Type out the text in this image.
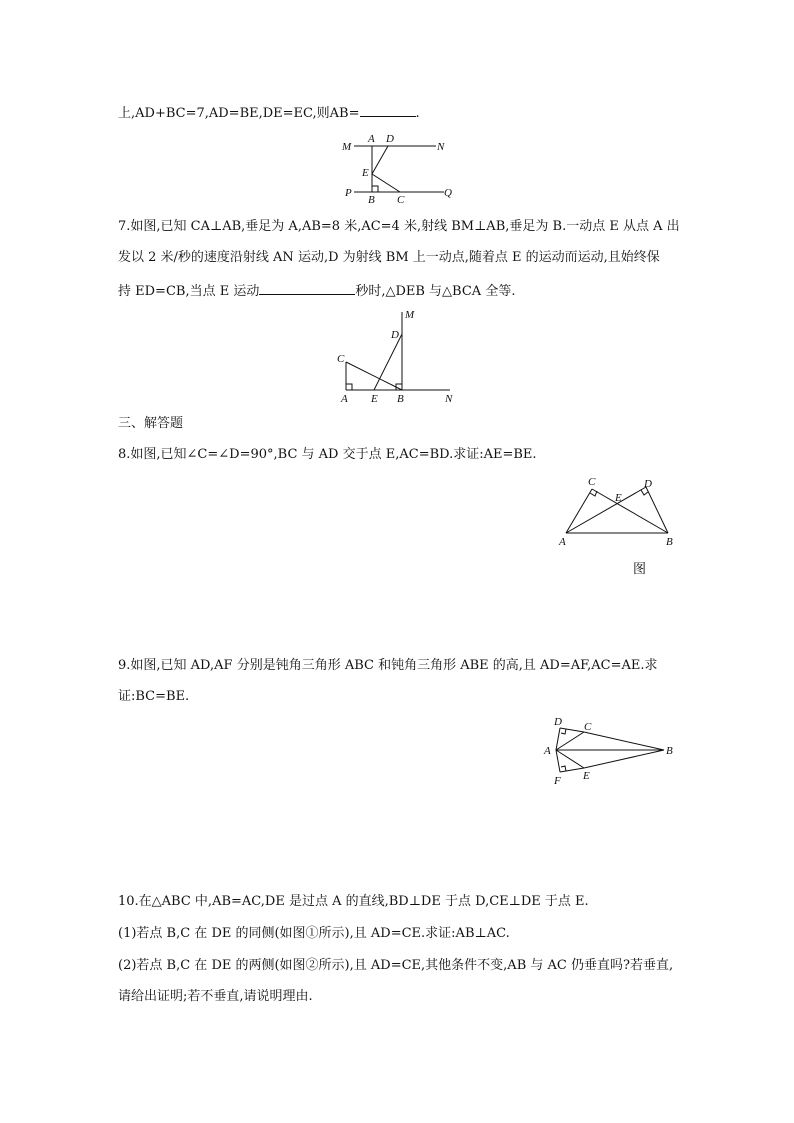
上,AD+BC=7,AD=BE,DE=EC,则AB=	.
M
A D
N
E
P
B C
Q
7.如图,已知 CA⊥AB,垂足为 A,AB=8 米,AC=4 米,射线 BM⊥AB,垂足为 B.一动点 E 从点 A 出
发以 2 米/秒的速度沿射线 AN 运动,D 为射线 BM 上一动点,随着点 E 的运动而运动,且始终保
持 ED=CB,当点 E 运动	秒时,△DEB 与△BCA 全等.
M
D
C
A E B	N
三、解答题
8.如图,已知∠C=∠D=90°,BC 与 AD 交于点 E,AC=BD.求证:AE=BE.
C
E
D
A	B
图
9.如图,已知 AD,AF 分别是钝角三角形 ABC 和钝角三角形 ABE 的高,且 AD=AF,AC=AE.求
证:BC=BE.
D C
A	B
F E
10.在△ABC 中,AB=AC,DE 是过点 A 的直线,BD⊥DE 于点 D,CE⊥DE 于点 E.
(1)若点 B,C 在 DE 的同侧(如图①所示),且 AD=CE.求证:AB⊥AC.
(2)若点 B,C 在 DE 的两侧(如图②所示),且 AD=CE,其他条件不变,AB 与 AC 仍垂直吗?若垂直,
请给出证明;若不垂直,请说明理由.
